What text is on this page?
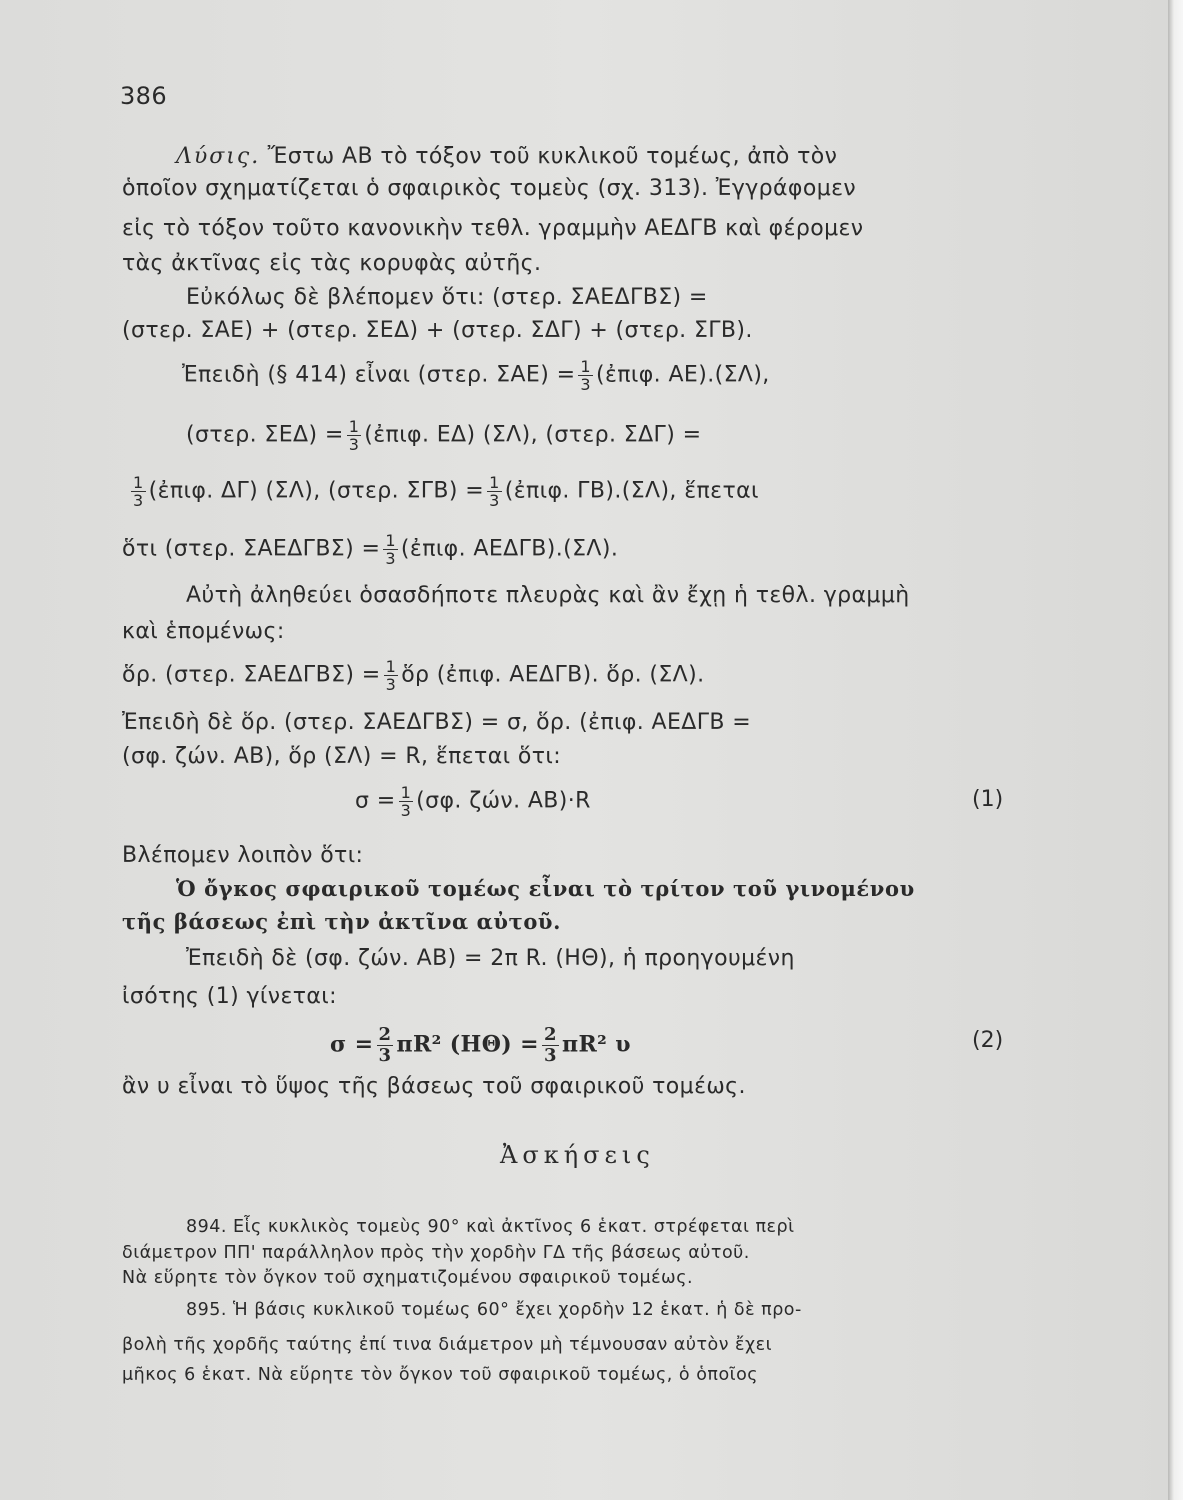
386
Λύσις. Ἔστω ΑΒ τὸ τόξον τοῦ κυκλικοῦ τομέως, ἀπὸ τὸν
ὁποῖον σχηματίζεται ὁ σφαιρικὸς τομεὺς (σχ. 313). Ἐγγράφομεν
εἰς τὸ τόξον τοῦτο κανονικὴν τεθλ. γραμμὴν ΑΕΔΓΒ καὶ φέρομεν
τὰς ἀκτῖνας εἰς τὰς κορυφὰς αὐτῆς.
Εὐκόλως δὲ βλέπομεν ὅτι: (στερ. ΣΑΕΔΓΒΣ) =
(στερ. ΣΑΕ) + (στερ. ΣΕΔ) + (στερ. ΣΔΓ) + (στερ. ΣΓΒ).
Ἐπειδὴ (§ 414) εἶναι (στερ. $\Sigma AE) = \frac{1}{3}$ (ἐπιφ. ΑΕ).(ΣΛ),
(στερ. $\Sigma E\Delta) = \frac{1}{3}$ (ἐπιφ. ΕΔ) (ΣΛ), (στερ. ΣΔΓ) =
$\frac{1}{3}$ (ἐπιφ. ΔΓ) (ΣΛ), (στερ. $\Sigma\Gamma B) = \frac{1}{3}$ (ἐπιφ. ΓΒ).(ΣΛ), ἕπεται
ὅτι (στερ. $\Sigma AE\Delta\Gamma B\Sigma) = \frac{1}{3}$ (ἐπιφ. ΑΕΔΓΒ).(ΣΛ).
Αὐτὴ ἀληθεύει ὁσασδήποτε πλευρὰς καὶ ἂν ἔχῃ ἡ τεθλ. γραμμὴ
καὶ ἑπομένως:
ὅρ. (στερ. $\Sigma AE\Delta\Gamma B\Sigma) = \frac{1}{3}$ ὅρ (ἐπιφ. ΑΕΔΓΒ). ὅρ. (ΣΛ).
Ἐπειδὴ δὲ ὅρ. (στερ. ΣΑΕΔΓΒΣ) = σ, ὅρ. (ἐπιφ. ΑΕΔΓΒ =
(σφ. ζών. ΑΒ), ὅρ (ΣΛ) = R, ἕπεται ὅτι:
$\sigma = \frac{1}{3} (\sigma\varphi$. ζών. ΑΒ)·R	(1)
Βλέπομεν λοιπὸν ὅτι:
Ὁ ὄγκος σφαιρικοῦ τομέως εἶναι τὸ τρίτον τοῦ γινομένου
τῆς βάσεως ἐπὶ τὴν ἀκτῖνα αὐτοῦ.
Ἐπειδὴ δὲ (σφ. ζών. ΑΒ) = 2π R. (ΗΘ), ἡ προηγουμένη
ἰσότης (1) γίνεται:
$\sigma = \frac{2}{3} \pi R^2$ $(H\Theta) = \frac{2}{3} \pi R^2$ υ	(2)
ἂν υ εἶναι τὸ ὕψος τῆς βάσεως τοῦ σφαιρικοῦ τομέως.
Ἀσκήσεις
894. Εἷς κυκλικὸς τομεὺς 90° καὶ ἀκτῖνος 6 ἑκατ. στρέφεται περὶ
διάμετρον ΠΠ' παράλληλον πρὸς τὴν χορδὴν ΓΔ τῆς βάσεως αὐτοῦ.
Νὰ εὕρητε τὸν ὄγκον τοῦ σχηματιζομένου σφαιρικοῦ τομέως.
895. Ἡ βάσις κυκλικοῦ τομέως 60° ἔχει χορδὴν 12 ἑκατ. ἡ δὲ προ-
βολὴ τῆς χορδῆς ταύτης ἐπί τινα διάμετρον μὴ τέμνουσαν αὐτὸν ἔχει
μῆκος 6 ἑκατ. Νὰ εὕρητε τὸν ὄγκον τοῦ σφαιρικοῦ τομέως, ὁ ὁποῖος
